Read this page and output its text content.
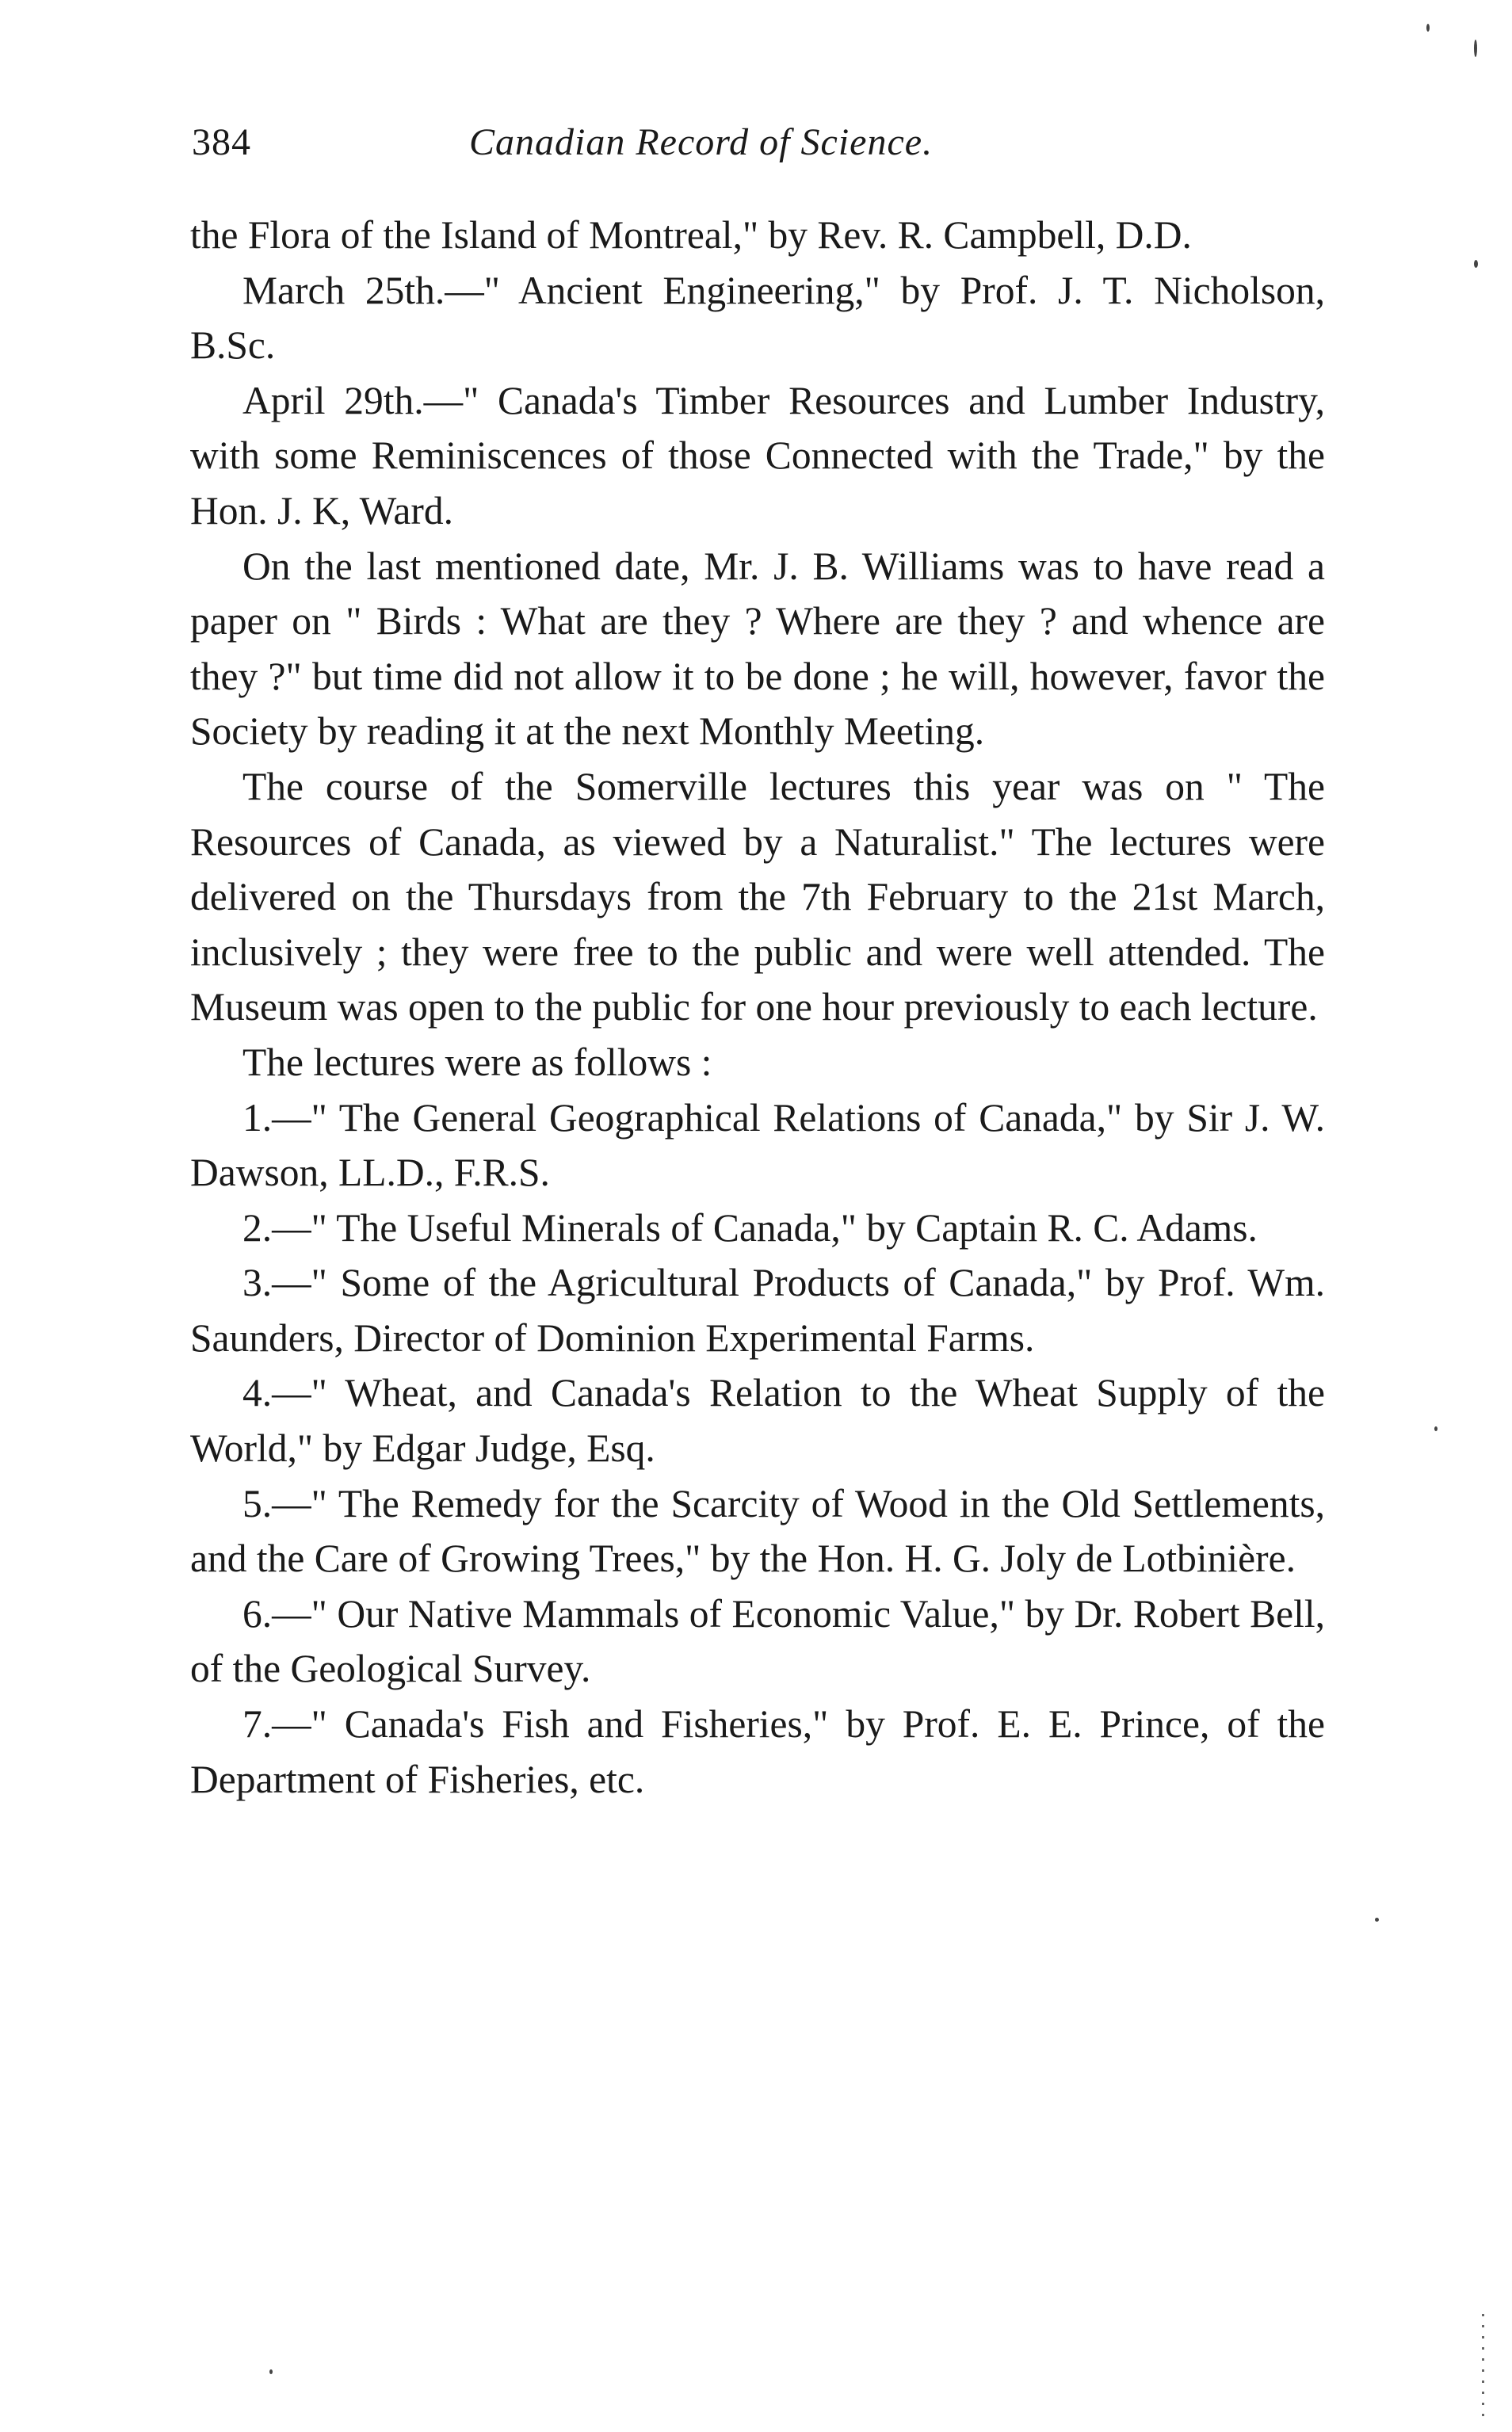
384	Canadian Record of Science.

the Flora of the Island of Montreal," by Rev. R. Campbell, D.D.

March 25th.—" Ancient Engineering," by Prof. J. T. Nicholson, B.Sc.

April 29th.—" Canada's Timber Resources and Lumber Industry, with some Reminiscences of those Connected with the Trade," by the Hon. J. K, Ward.

On the last mentioned date, Mr. J. B. Williams was to have read a paper on " Birds : What are they ? Where are they ? and whence are they ?" but time did not allow it to be done ; he will, however, favor the Society by reading it at the next Monthly Meeting.

The course of the Somerville lectures this year was on " The Resources of Canada, as viewed by a Naturalist." The lectures were delivered on the Thursdays from the 7th February to the 21st March, inclusively ; they were free to the public and were well attended. The Museum was open to the public for one hour previously to each lecture.

The lectures were as follows :

1.—" The General Geographical Relations of Canada," by Sir J. W. Dawson, LL.D., F.R.S.

2.—" The Useful Minerals of Canada," by Captain R. C. Adams.

3.—" Some of the Agricultural Products of Canada," by Prof. Wm. Saunders, Director of Dominion Experimental Farms.

4.—" Wheat, and Canada's Relation to the Wheat Supply of the World," by Edgar Judge, Esq.

5.—" The Remedy for the Scarcity of Wood in the Old Settlements, and the Care of Growing Trees," by the Hon. H. G. Joly de Lotbinière.

6.—" Our Native Mammals of Economic Value," by Dr. Robert Bell, of the Geological Survey.

7.—" Canada's Fish and Fisheries," by Prof. E. E. Prince, of the Department of Fisheries, etc.
